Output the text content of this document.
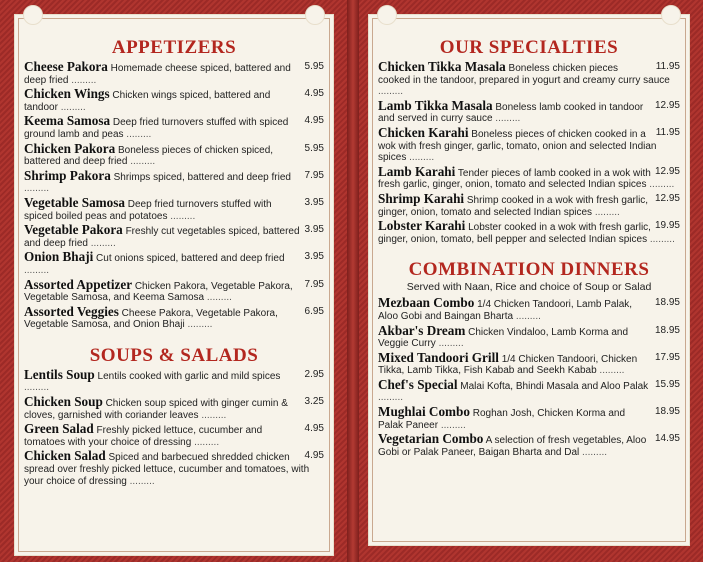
APPETIZERS
5.95
Cheese Pakora Homemade cheese spiced, battered and deep fried .........
4.95
Chicken Wings Chicken wings spiced, battered and tandoor .........
4.95
Keema Samosa Deep fried turnovers stuffed with spiced ground lamb and peas .........
5.95
Chicken Pakora Boneless pieces of chicken spiced, battered and deep fried .........
7.95
Shrimp Pakora Shrimps spiced, battered and deep fried .........
3.95
Vegetable Samosa Deep fried turnovers stuffed with spiced boiled peas and potatoes .........
3.95
Vegetable Pakora Freshly cut vegetables spiced, battered and deep fried .........
3.95
Onion Bhaji Cut onions spiced, battered and deep fried .........
7.95
Assorted Appetizer Chicken Pakora, Vegetable Pakora, Vegetable Samosa, and Keema Samosa .........
6.95
Assorted Veggies Cheese Pakora, Vegetable Pakora, Vegetable Samosa, and Onion Bhaji .........
SOUPS & SALADS
2.95
Lentils Soup Lentils cooked with garlic and mild spices .........
3.25
Chicken Soup Chicken soup spiced with ginger cumin & cloves, garnished with coriander leaves .........
4.95
Green Salad Freshly picked lettuce, cucumber and tomatoes with your choice of dressing .........
4.95
Chicken Salad Spiced and barbecued shredded chicken spread over freshly picked lettuce, cucumber and tomatoes, with your choice of dressing .........
OUR SPECIALTIES
11.95
Chicken Tikka Masala Boneless chicken pieces cooked in the tandoor, prepared in yogurt and creamy curry sauce .........
12.95
Lamb Tikka Masala Boneless lamb cooked in tandoor and served in curry sauce .........
11.95
Chicken Karahi Boneless pieces of chicken cooked in a wok with fresh ginger, garlic, tomato, onion and selected Indian spices .........
12.95
Lamb Karahi Tender pieces of lamb cooked in a wok with fresh garlic, ginger, onion, tomato and selected Indian spices .........
12.95
Shrimp Karahi Shrimp cooked in a wok with fresh garlic, ginger, onion, tomato and selected Indian spices .........
19.95
Lobster Karahi Lobster cooked in a wok with fresh garlic, ginger, onion, tomato, bell pepper and selected Indian spices .........
COMBINATION DINNERS
Served with Naan, Rice and choice of Soup or Salad
18.95
Mezbaan Combo 1/4 Chicken Tandoori, Lamb Palak, Aloo Gobi and Baingan Bharta .........
18.95
Akbar's Dream Chicken Vindaloo, Lamb Korma and Veggie Curry .........
17.95
Mixed Tandoori Grill 1/4 Chicken Tandoori, Chicken Tikka, Lamb Tikka, Fish Kabab and Seekh Kabab .........
15.95
Chef's Special Malai Kofta, Bhindi Masala and Aloo Palak .........
18.95
Mughlai Combo Roghan Josh, Chicken Korma and Palak Paneer .........
14.95
Vegetarian Combo A selection of fresh vegetables, Aloo Gobi or Palak Paneer, Baigan Bharta and Dal .........
